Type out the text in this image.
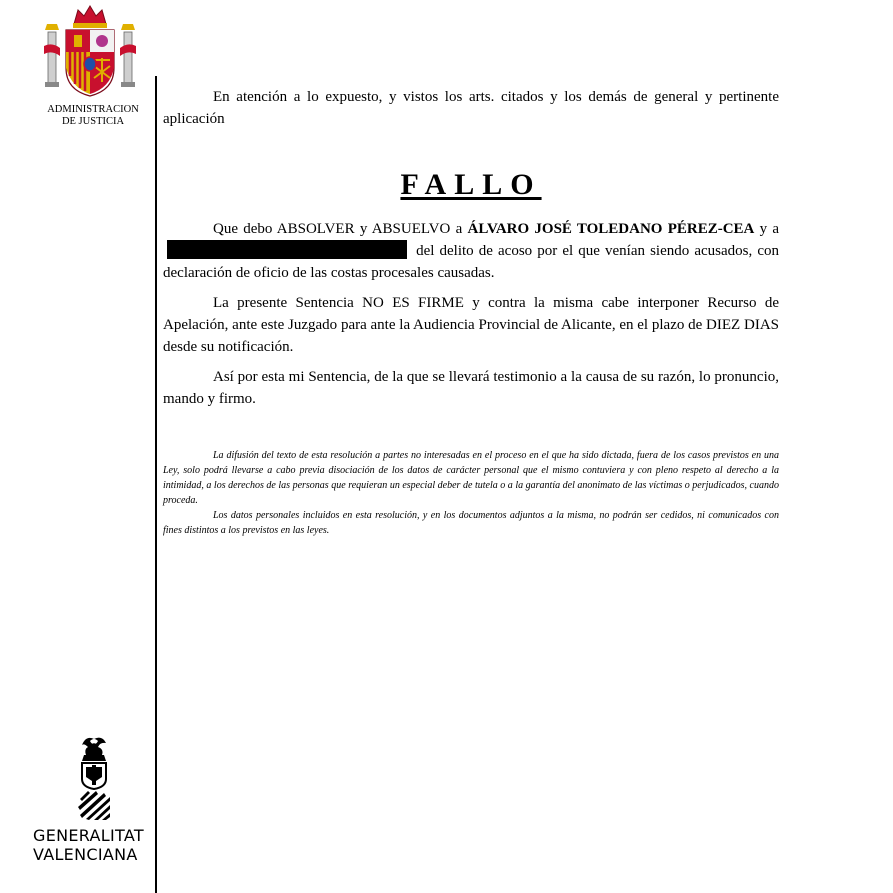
ADMINISTRACION
DE JUSTICIA
GENERALITAT
VALENCIANA
En atención a lo expuesto, y vistos los arts. citados y los demás de general y pertinente aplicación
FALLO
Que debo ABSOLVER y ABSUELVO a ÁLVARO JOSÉ TOLEDANO PÉREZ-CEA y a  del delito de acoso por el que venían siendo acusados, con declaración de oficio de las costas procesales causadas.
La presente Sentencia NO ES FIRME y contra la misma cabe interponer Recurso de Apelación, ante este Juzgado para ante la Audiencia Provincial de Alicante, en el plazo de DIEZ DIAS desde su notificación.
Así por esta mi Sentencia, de la que se llevará testimonio a la causa de su razón, lo pronuncio, mando y firmo.
La difusión del texto de esta resolución a partes no interesadas en el proceso en el que ha sido dictada, fuera de los casos previstos en una Ley, solo podrá llevarse a cabo previa disociación de los datos de carácter personal que el mismo contuviera y con pleno respeto al derecho a la intimidad, a los derechos de las personas que requieran un especial deber de tutela o a la garantía del anonimato de las víctimas o perjudicados, cuando proceda.
Los datos personales incluidos en esta resolución, y en los documentos adjuntos a la misma, no podrán ser cedidos, ni comunicados con fines distintos a los previstos en las leyes.
